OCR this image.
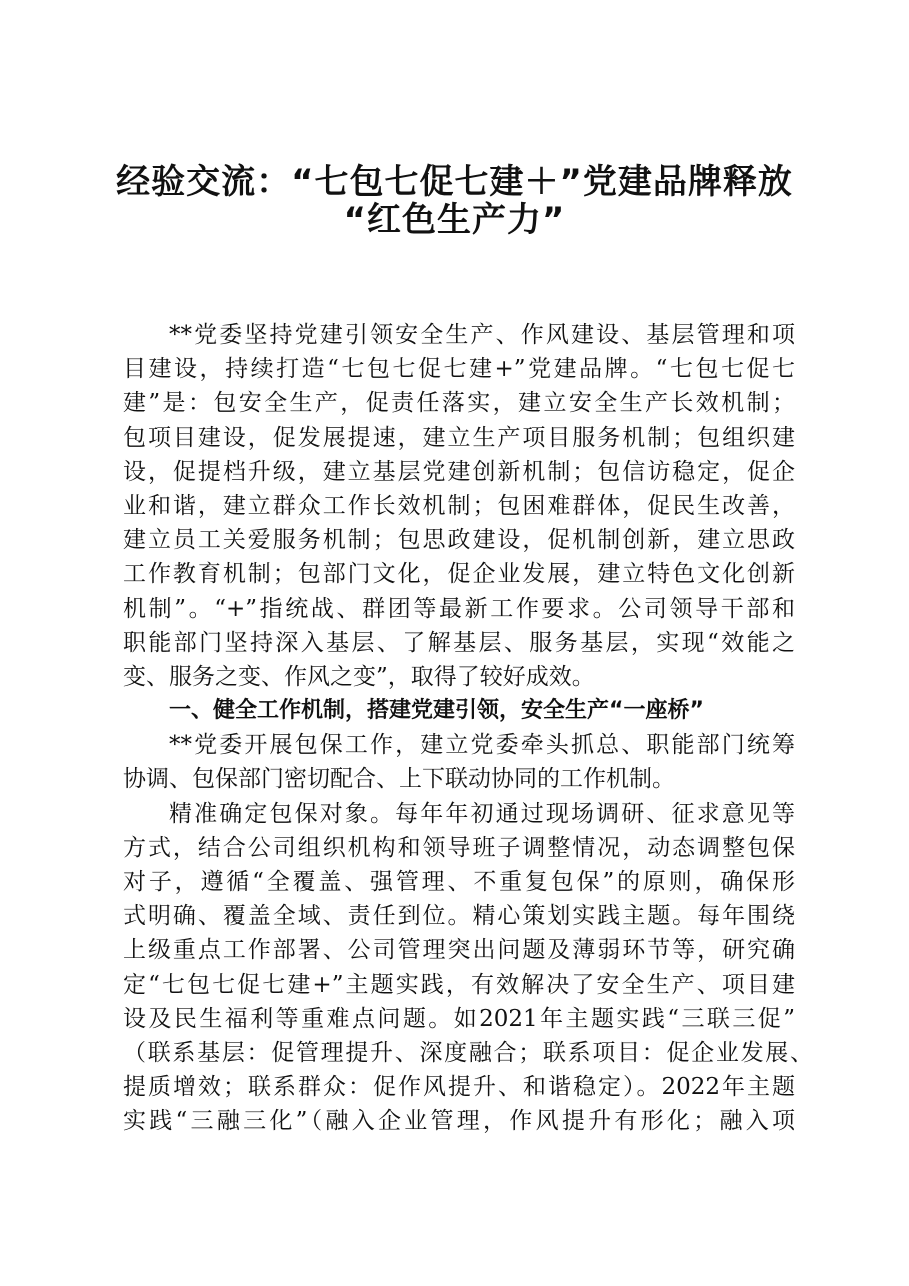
经验交流：“七包七促七建＋”党建品牌释放
“红色生产力”
**党委坚持党建引领安全生产、作风建设、基层管理和项
目建设，持续打造“七包七促七建+”党建品牌。“七包七促七
建”是：包安全生产，促责任落实，建立安全生产长效机制；
包项目建设，促发展提速，建立生产项目服务机制；包组织建
设，促提档升级，建立基层党建创新机制；包信访稳定，促企
业和谐，建立群众工作长效机制；包困难群体，促民生改善，
建立员工关爱服务机制；包思政建设，促机制创新，建立思政
工作教育机制；包部门文化，促企业发展，建立特色文化创新
机制”。“+”指统战、群团等最新工作要求。公司领导干部和
职能部门坚持深入基层、了解基层、服务基层，实现“效能之
变、服务之变、作风之变”，取得了较好成效。
一、健全工作机制，搭建党建引领，安全生产“一座桥”
**党委开展包保工作，建立党委牵头抓总、职能部门统筹
协调、包保部门密切配合、上下联动协同的工作机制。
精准确定包保对象。每年年初通过现场调研、征求意见等
方式，结合公司组织机构和领导班子调整情况，动态调整包保
对子，遵循“全覆盖、强管理、不重复包保”的原则，确保形
式明确、覆盖全域、责任到位。精心策划实践主题。每年围绕
上级重点工作部署、公司管理突出问题及薄弱环节等，研究确
定“七包七促七建+”主题实践，有效解决了安全生产、项目建
设及民生福利等重难点问题。如2021年主题实践“三联三促”
（联系基层：促管理提升、深度融合；联系项目：促企业发展、
提质增效；联系群众：促作风提升、和谐稳定）。2022年主题
实践“三融三化”（融入企业管理，作风提升有形化；融入项
